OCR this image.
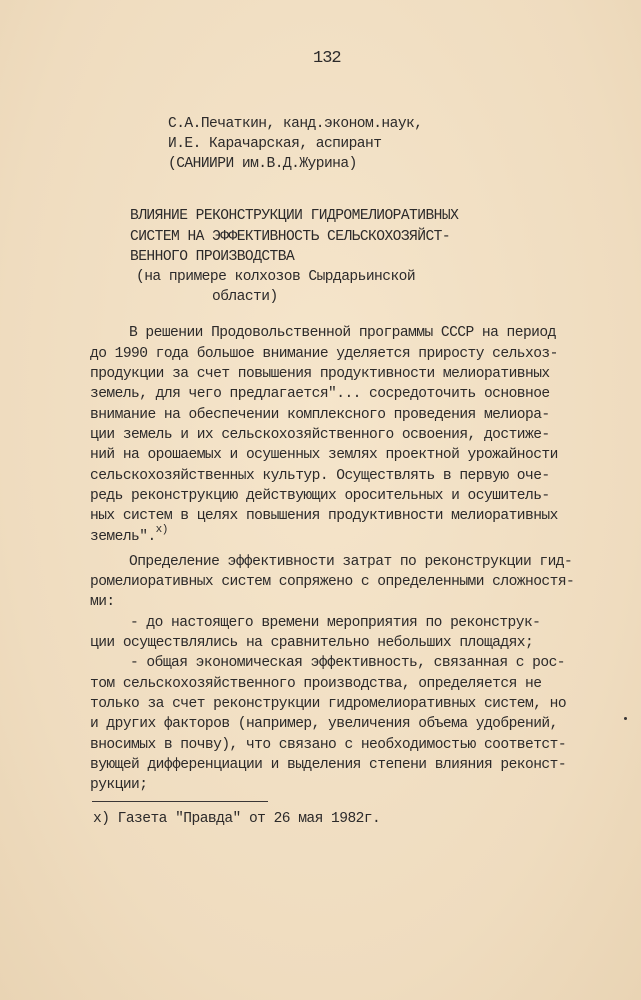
132
С.А.Печаткин, канд.эконом.наук,
И.Е. Карачарская, аспирант
(САНИИРИ им.В.Д.Журина)
ВЛИЯНИЕ РЕКОНСТРУКЦИИ ГИДРОМЕЛИОРАТИВНЫХ
СИСТЕМ НА ЭФФЕКТИВНОСТЬ СЕЛЬСКОХОЗЯЙСТ-
ВЕННОГО ПРОИЗВОДСТВА
(на примере колхозов Сырдарьинской
области)
В решении Продовольственной программы СССР на период
до 1990 года большое внимание уделяется приросту сельхоз-
продукции за счет повышения продуктивности мелиоративных
земель, для чего предлагается"... сосредоточить основное
внимание на обеспечении комплексного проведения мелиора-
ции земель и их сельскохозяйственного освоения, достиже-
ний на орошаемых и осушенных землях проектной урожайности
сельскохозяйственных культур. Осуществлять в первую оче-
редь реконструкцию действующих оросительных и осушитель-
ных систем в целях повышения продуктивности мелиоративных
земель".$^{x)}$
Определение эффективности затрат по реконструкции гид-
ромелиоративных систем сопряжено с определенными сложностя-
ми:
- до настоящего времени мероприятия по реконструк-
ции осуществлялись на сравнительно небольших площадях;
- общая экономическая эффективность, связанная с рос-
том сельскохозяйственного производства, определяется не
только за счет реконструкции гидромелиоративных систем, но
и других факторов (например, увеличения объема удобрений,
вносимых в почву), что связано с необходимостью соответст-
вующей дифференциации и выделения степени влияния реконст-
рукции;
x) Газета "Правда" от 26 мая 1982г.
